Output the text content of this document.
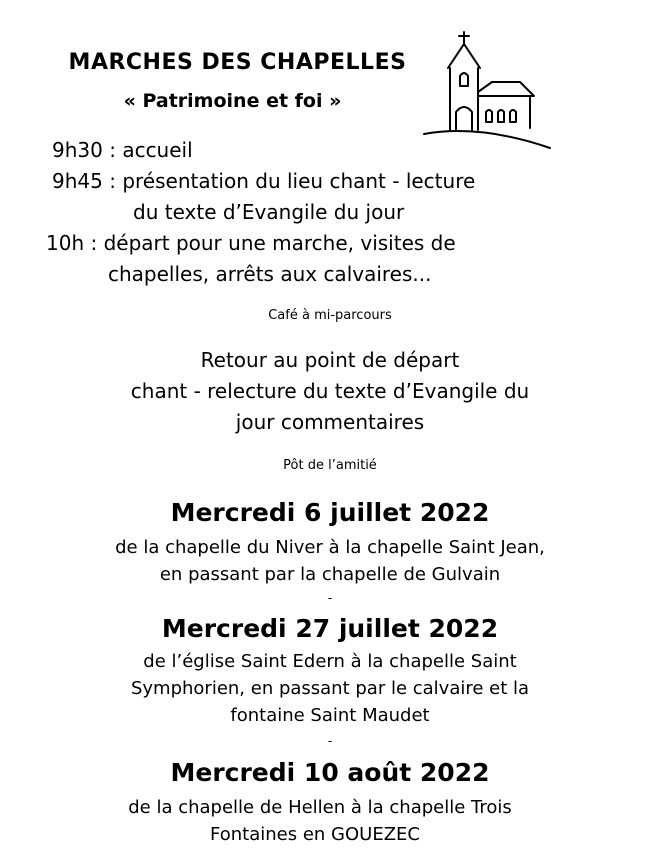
MARCHES DES CHAPELLES
« Patrimoine et foi »
9h30 : accueil
9h45 : présentation du lieu chant - lecture
du texte d’Evangile du jour
10h : départ pour une marche, visites de
chapelles, arrêts aux calvaires...
Café à mi-parcours
Retour au point de départ
chant - relecture du texte d’Evangile du
jour commentaires
Pôt de l’amitié
Mercredi 6 juillet 2022
de la chapelle du Niver à la chapelle Saint Jean,
en passant par la chapelle de Gulvain
-
Mercredi 27 juillet 2022
de l’église Saint Edern à la chapelle Saint
Symphorien, en passant par le calvaire et la
fontaine Saint Maudet
-
Mercredi 10 août 2022
de la chapelle de Hellen à la chapelle Trois
Fontaines en GOUEZEC
